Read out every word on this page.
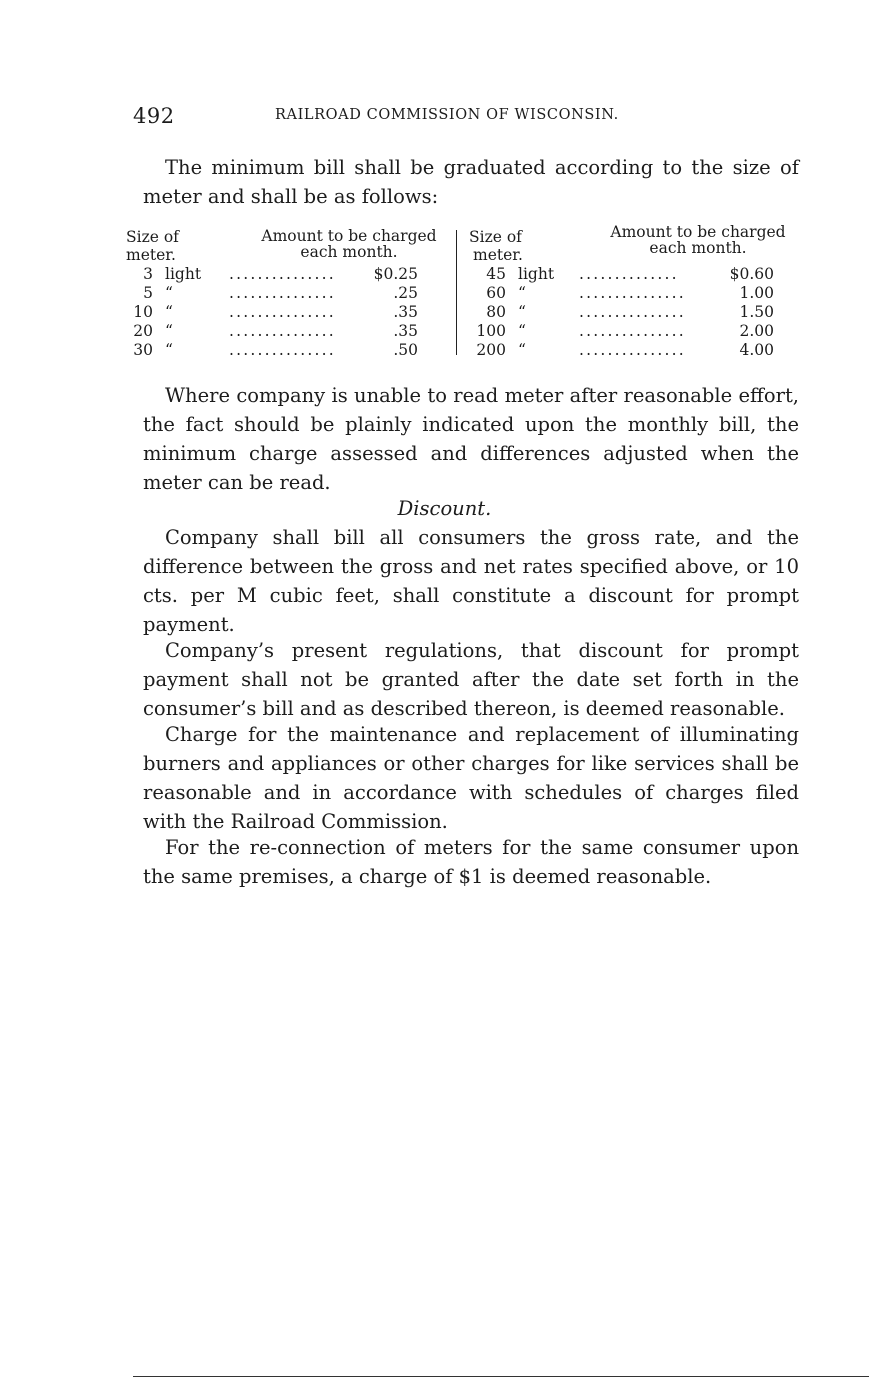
492	RAILROAD COMMISSION OF WISCONSIN.
The minimum bill shall be graduated according to the size of meter and shall be as follows:
Size of
meter.
Amount to be charged
each month.
3 light ...............	$0.25
5 “	...............	.25
10 “	...............	.35
20 “	...............	.35
30 “	...............	.50
Size of
meter.
Amount to be charged
each month.
45 light ..............	$0.60
60 “	...............	1.00
80 “	...............	1.50
100 “	...............	2.00
200 “	...............	4.00
Where company is unable to read meter after reasonable effort, the fact should be plainly indicated upon the monthly bill, the minimum charge assessed and differences adjusted when the meter can be read.
Discount.
Company shall bill all consumers the gross rate, and the difference between the gross and net rates specified above, or 10 cts. per M cubic feet, shall constitute a discount for prompt payment.
Company’s present regulations, that discount for prompt payment shall not be granted after the date set forth in the consumer’s bill and as described thereon, is deemed reasonable.
Charge for the maintenance and replacement of illuminating burners and appliances or other charges for like services shall be reasonable and in accordance with schedules of charges filed with the Railroad Commission.
For the re-connection of meters for the same consumer upon the same premises, a charge of $1 is deemed reasonable.
